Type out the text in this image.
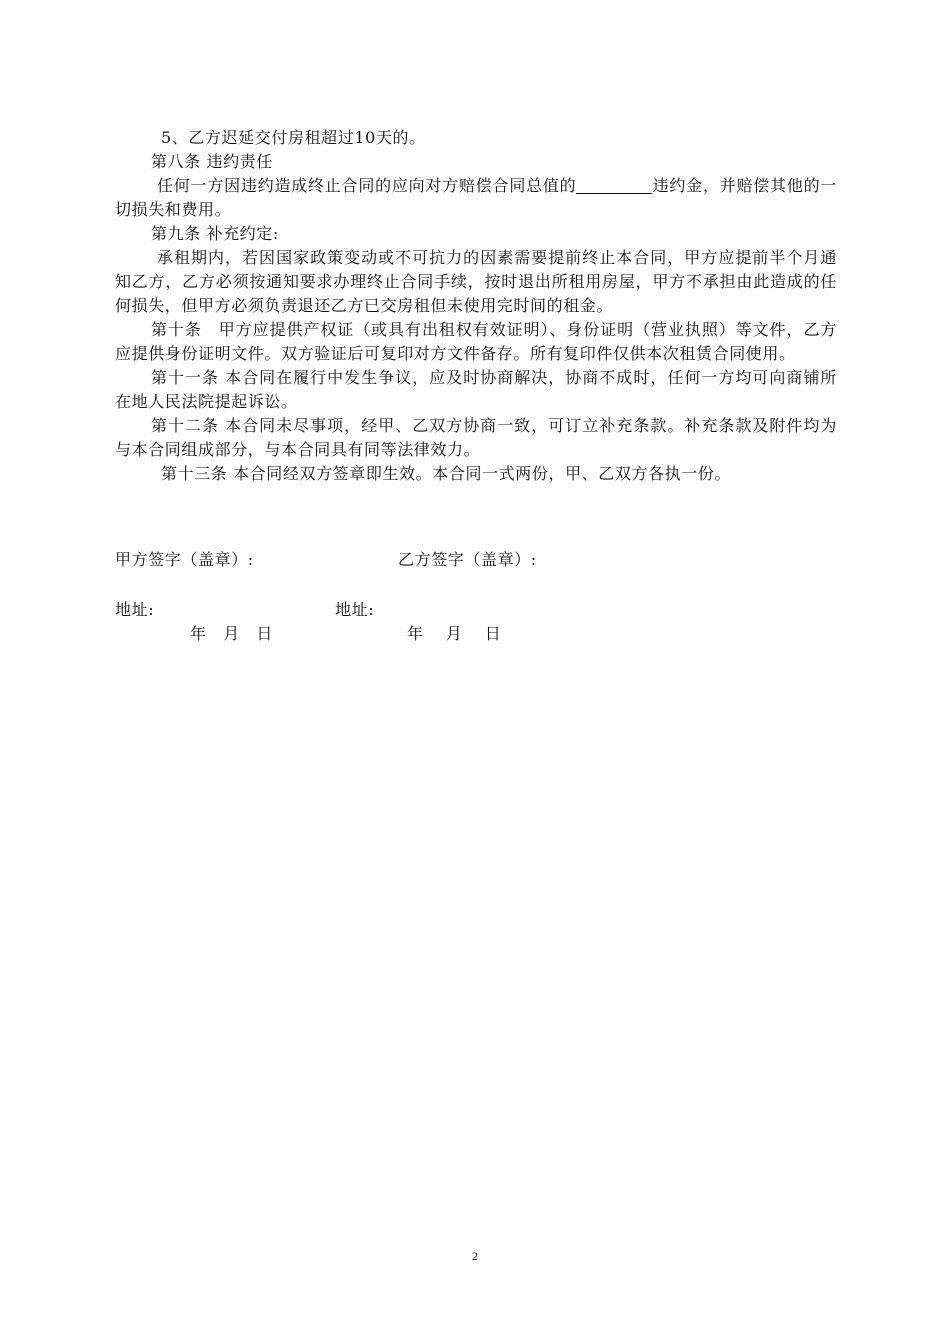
5、乙方迟延交付房租超过10天的。

第八条 违约责任

任何一方因违约造成终止合同的应向对方赔偿合同总值的	违约金，并赔偿其他的一切损失和费用。

第九条 补充约定:

承租期内，若因国家政策变动或不可抗力的因素需要提前终止本合同，甲方应提前半个月通知乙方，乙方必须按通知要求办理终止合同手续，按时退出所租用房屋，甲方不承担由此造成的任何损失，但甲方必须负责退还乙方已交房租但未使用完时间的租金。

第十条　甲方应提供产权证（或具有出租权有效证明）、身份证明（营业执照）等文件，乙方应提供身份证明文件。双方验证后可复印对方文件备存。所有复印件仅供本次租赁合同使用。

第十一条 本合同在履行中发生争议，应及时协商解决，协商不成时，任何一方均可向商铺所在地人民法院提起诉讼。

第十二条 本合同未尽事项，经甲、乙双方协商一致，可订立补充条款。补充条款及附件均为与本合同组成部分，与本合同具有同等法律效力。

第十三条 本合同经双方签章即生效。本合同一式两份，甲、乙双方各执一份。

甲方签字（盖章）:	乙方签字（盖章）:
地址:	地址:
年　月　日	年　 月　 日
2
